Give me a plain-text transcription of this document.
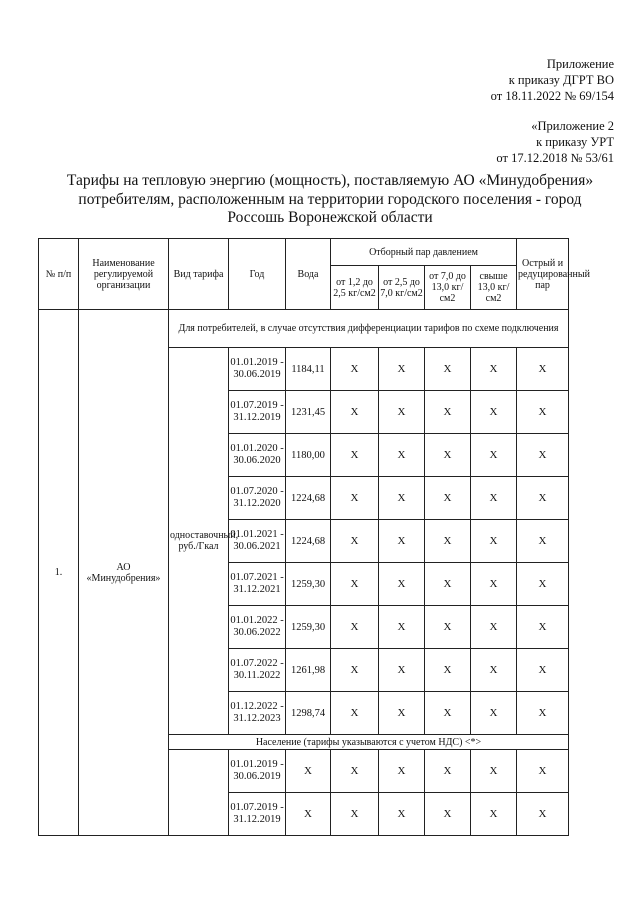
Приложение
к приказу ДГРТ ВО
от 18.11.2022 № 69/154
«Приложение 2
к приказу УРТ
от 17.12.2018 № 53/61
Тарифы на тепловую энергию (мощность), поставляемую АО «Минудобрения» потребителям, расположенным на территории городского поселения - город Россошь Воронежской области
№ п/п	Наименование регулируемой организации	Вид тарифа	Год	Вода	Отборный пар давлением				Острый и редуцированный пар
					от 1,2 до 2,5 кг/см2	от 2,5 до 7,0 кг/см2	от 7,0 до 13,0 кг/см2	свыше 13,0 кг/см2	
1.	АО «Минудобрения»	Для потребителей, в случае отсутствия дифференциации тарифов по схеме подключения							
		одноставочный, руб./Гкал	01.01.2019 - 30.06.2019	1184,11	X	X	X	X	X
			01.07.2019 - 31.12.2019	1231,45	X	X	X	X	X
			01.01.2020 - 30.06.2020	1180,00	X	X	X	X	X
			01.07.2020 - 31.12.2020	1224,68	X	X	X	X	X
			01.01.2021 - 30.06.2021	1224,68	X	X	X	X	X
			01.07.2021 - 31.12.2021	1259,30	X	X	X	X	X
			01.01.2022 - 30.06.2022	1259,30	X	X	X	X	X
			01.07.2022 - 30.11.2022	1261,98	X	X	X	X	X
			01.12.2022 - 31.12.2023	1298,74	X	X	X	X	X
		Население (тарифы указываются с учетом НДС) <*>							
			01.01.2019 - 30.06.2019	X	X	X	X	X	X
			01.07.2019 - 31.12.2019	X	X	X	X	X	X
